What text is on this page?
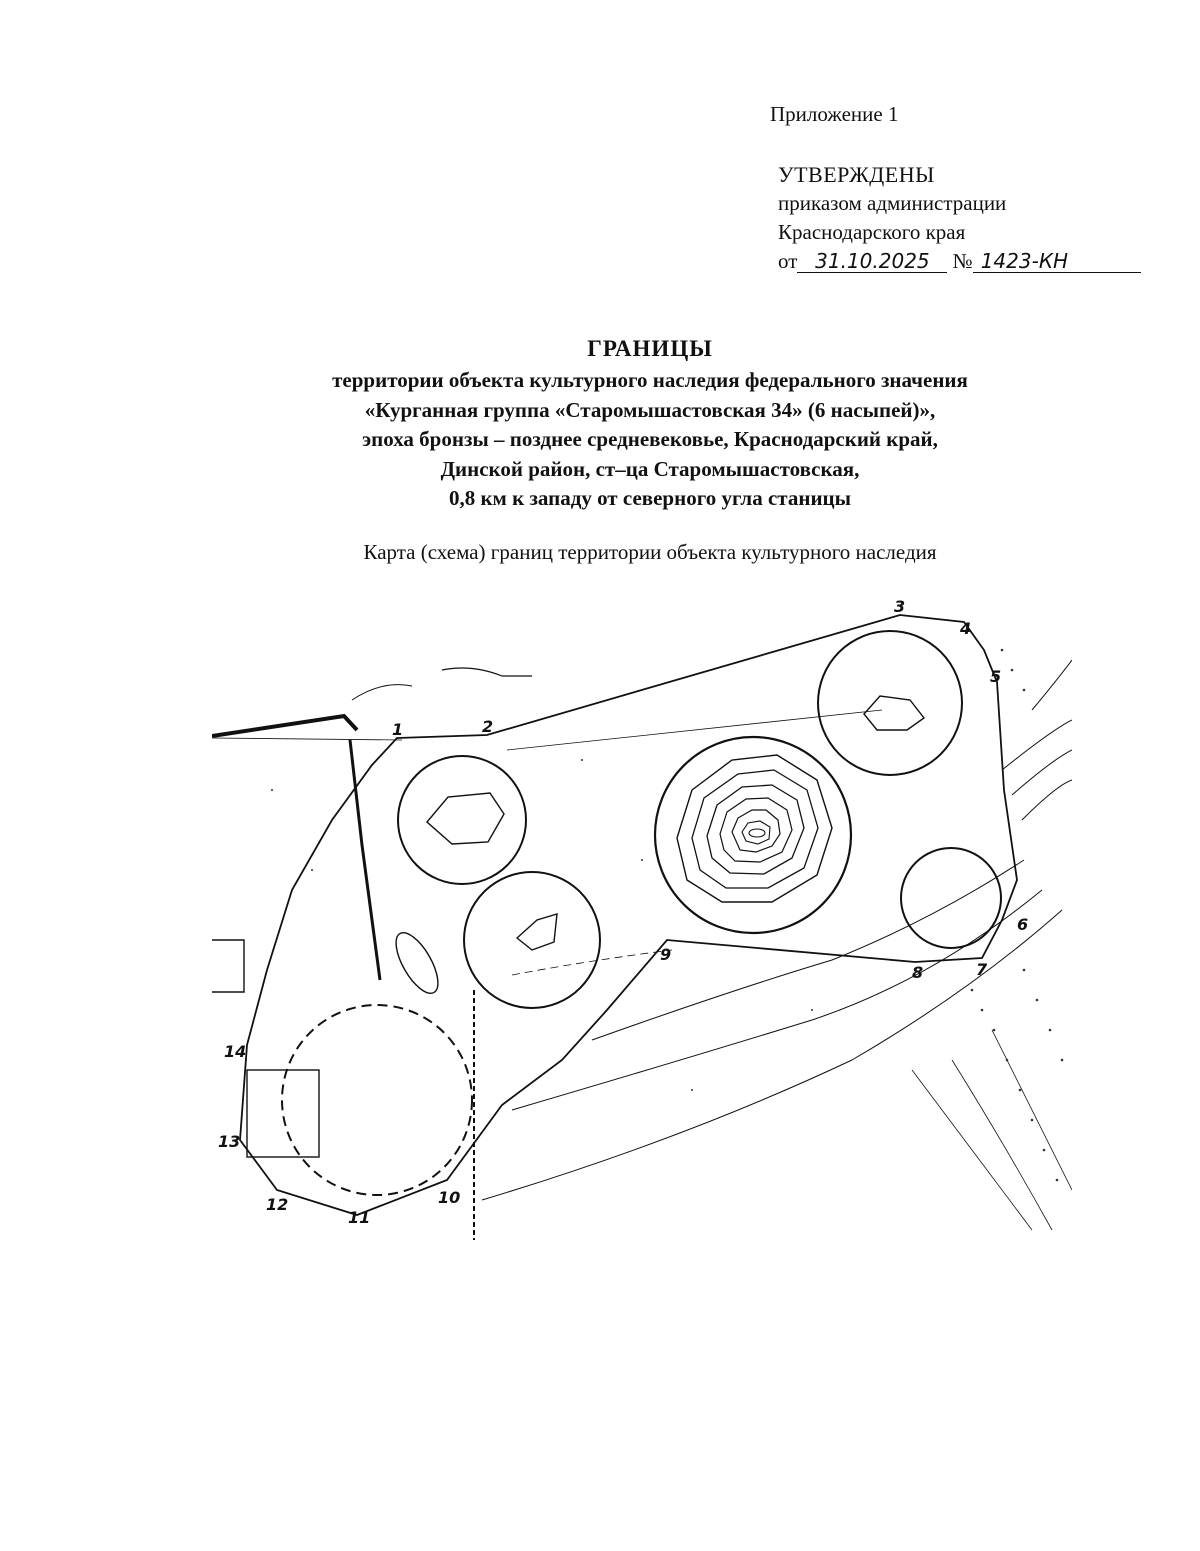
Приложение 1
УТВЕРЖДЕНЫ
приказом администрации
Краснодарского края
от 31.10.2025 № 1423-КН
ГРАНИЦЫ
территории объекта культурного наследия федерального значения
«Курганная группа «Старомышастовская 34» (6 насыпей)»,
эпоха бронзы – позднее средневековье, Краснодарский край,
Динской район, ст–ца Старомышастовская,
0,8 км к западу от северного угла станицы
Карта (схема) границ территории объекта культурного наследия
1	2
3
4
5
6
7
8
9
10
11
12
13
14
